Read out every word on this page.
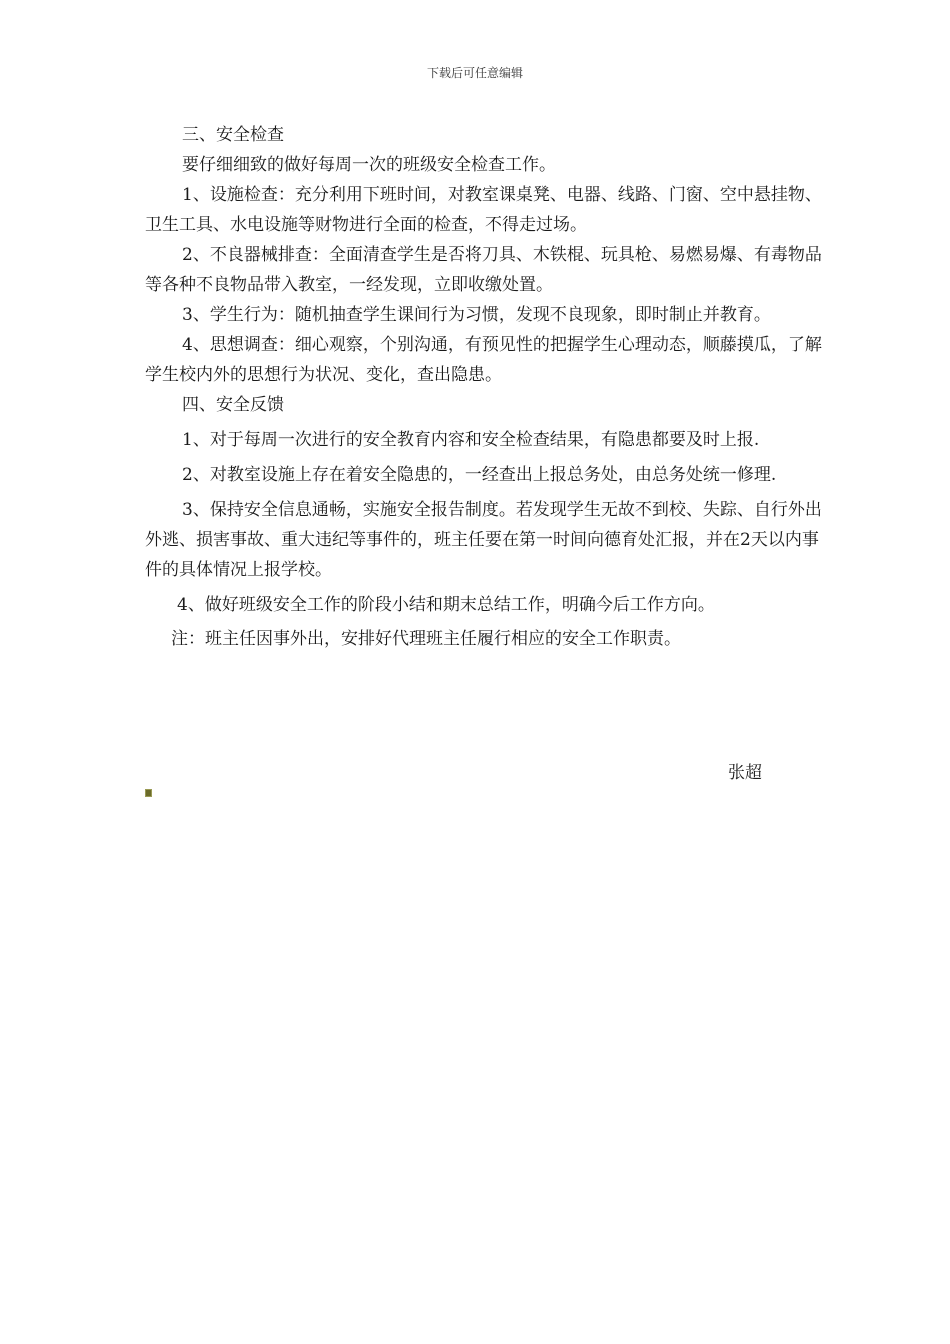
下载后可任意编辑

三、安全检查

要仔细细致的做好每周一次的班级安全检查工作。

1、设施检查：充分利用下班时间，对教室课桌凳、电器、线路、门窗、空中悬挂物、卫生工具、水电设施等财物进行全面的检查，不得走过场。

2、不良器械排查：全面清查学生是否将刀具、木铁棍、玩具枪、易燃易爆、有毒物品等各种不良物品带入教室，一经发现，立即收缴处置。

3、学生行为：随机抽查学生课间行为习惯，发现不良现象，即时制止并教育。

4、思想调查：细心观察，个别沟通，有预见性的把握学生心理动态，顺藤摸瓜，了解学生校内外的思想行为状况、变化，查出隐患。

四、安全反馈

1、对于每周一次进行的安全教育内容和安全检查结果，有隐患都要及时上报.

2、对教室设施上存在着安全隐患的，一经查出上报总务处，由总务处统一修理.

3、保持安全信息通畅，实施安全报告制度。若发现学生无故不到校、失踪、自行外出外逃、损害事故、重大违纪等事件的，班主任要在第一时间向德育处汇报，并在2天以内事件的具体情况上报学校。

4、做好班级安全工作的阶段小结和期末总结工作，明确今后工作方向。

注：班主任因事外出，安排好代理班主任履行相应的安全工作职责。

张超
